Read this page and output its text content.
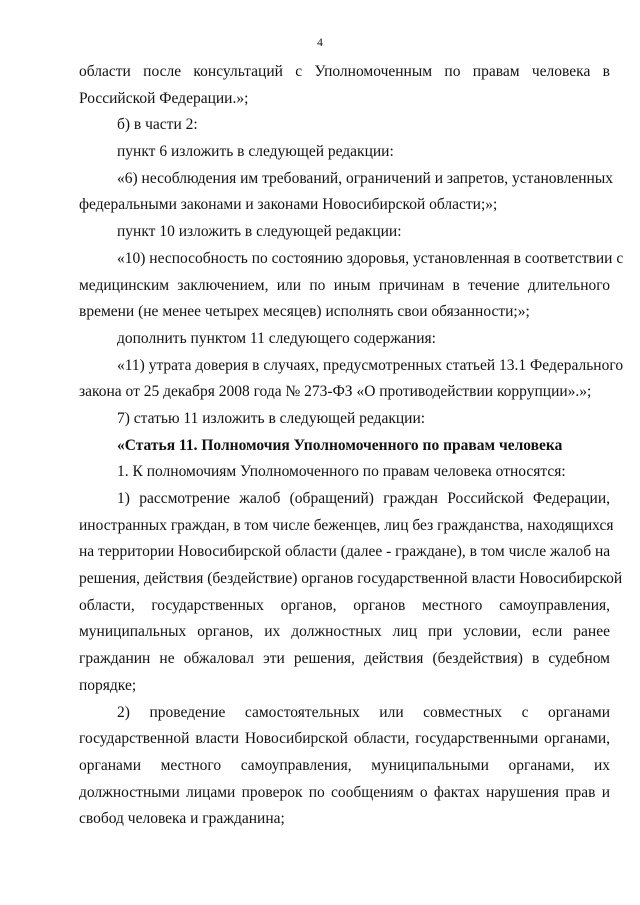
4
области после консультаций с Уполномоченным по правам человека в
Российской Федерации.»;
б) в части 2:
пункт 6 изложить в следующей редакции:
«6) несоблюдения им требований, ограничений и запретов, установленных
федеральными законами и законами Новосибирской области;»;
пункт 10 изложить в следующей редакции:
«10) неспособность по состоянию здоровья, установленная в соответствии с
медицинским заключением, или по иным причинам в течение длительного
времени (не менее четырех месяцев) исполнять свои обязанности;»;
дополнить пунктом 11 следующего содержания:
«11) утрата доверия в случаях, предусмотренных статьей 13.1 Федерального
закона от 25 декабря 2008 года № 273-ФЗ «О противодействии коррупции».»;
7) статью 11 изложить в следующей редакции:
«Статья 11. Полномочия Уполномоченного по правам человека
1. К полномочиям Уполномоченного по правам человека относятся:
1) рассмотрение жалоб (обращений) граждан Российской Федерации,
иностранных граждан, в том числе беженцев, лиц без гражданства, находящихся
на территории Новосибирской области (далее - граждане), в том числе жалоб на
решения, действия (бездействие) органов государственной власти Новосибирской
области, государственных органов, органов местного самоуправления,
муниципальных органов, их должностных лиц при условии, если ранее
гражданин не обжаловал эти решения, действия (бездействия) в судебном
порядке;
2) проведение самостоятельных или совместных с органами
государственной власти Новосибирской области, государственными органами,
органами местного самоуправления, муниципальными органами, их
должностными лицами проверок по сообщениям о фактах нарушения прав и
свобод человека и гражданина;
